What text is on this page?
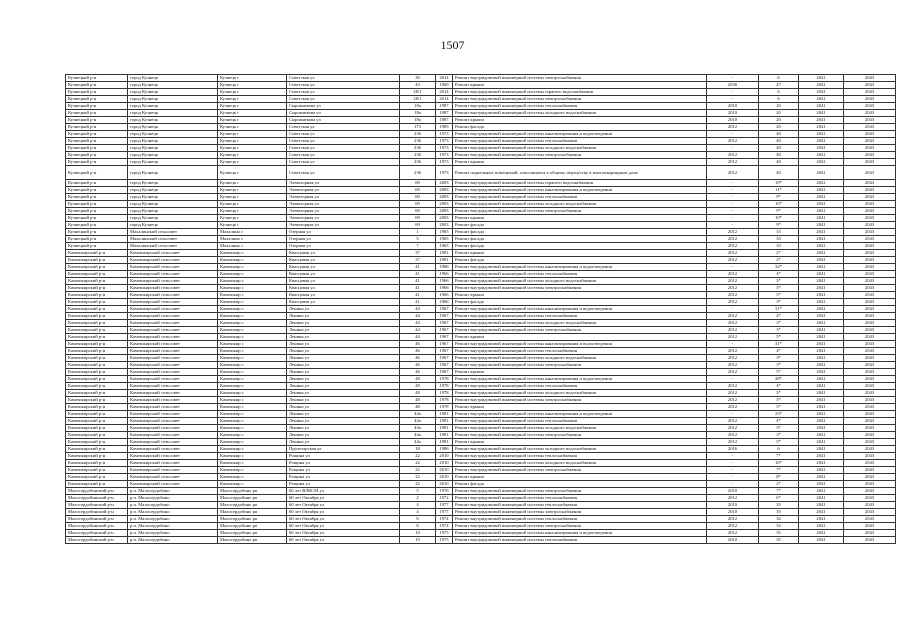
1507
Кузнецкий р-н	город Кузнецк	Кузнецк г	Советская ул	30	2014	Ремонт внутридомовой инженерной системы электроснабжения	-	6	2041	2043
Кузнецкий р-н	город Кузнецк	Кузнецк г	Советская ул	43	1969	Ремонт крыши	2030	47	2041	2043
Кузнецкий р-н	город Кузнецк	Кузнецк г	Советская ул	28/1	2014	Ремонт внутридомовой инженерной системы горячего водоснабжения	-	6	2041	2043
Кузнецкий р-н	город Кузнецк	Кузнецк г	Советская ул	28/1	2014	Ремонт внутридомовой инженерной системы электроснабжения	-	6	2041	2043
Кузнецкий р-н	город Кузнецк	Кузнецк г	Сыромяткова ул	18а	1987	Ремонт внутридомовой инженерной системы теплоснабжения	2010	20	2041	2043
Кузнецкий р-н	город Кузнецк	Кузнецк г	Сыромяткова ул	18а	1987	Ремонт внутридомовой инженерной системы холодного водоснабжения	2010	20	2041	2043
Кузнецкий р-н	город Кузнецк	Кузнецк г	Сыромяткова ул	18а	1987	Ремонт крыши	2010	20	2041	2043
Кузнецкий р-н	город Кузнецк	Кузнецк г	Советская ул	173	1985	Ремонт фасада	2012	20	2041	2043
Кузнецкий р-н	город Кузнецк	Кузнецк г	Советская ул	236	1973	Ремонт внутридомовой инженерной системы канализирования и водоотведения	-	40	2041	2043
Кузнецкий р-н	город Кузнецк	Кузнецк г	Советская ул	236	1973	Ремонт внутридомовой инженерной системы теплоснабжения	2012	40	2041	2043
Кузнецкий р-н	город Кузнецк	Кузнецк г	Советская ул	236	1973	Ремонт внутридомовой инженерной системы холодного водоснабжения	-	40	2041	2043
Кузнецкий р-н	город Кузнецк	Кузнецк г	Советская ул	236	1973	Ремонт внутридомовой инженерной системы электроснабжения	2012	40	2041	2043
Кузнецкий р-н	город Кузнецк	Кузнецк г	Советская ул	236	1973	Ремонт крыши	2012	40	2041	2043
Кузнецкий р-н	город Кузнецк	Кузнецк г	Советская ул	236	1973	Ремонт подвальных помещений, относящихся к общему имуществу в многоквартирном доме	2012	40	2041	2043
Кузнецкий р-н	город Кузнецк	Кузнецк г	Элеваторная ул	69	2003	Ремонт внутридомовой инженерной системы горячего водоснабжения	-	10*	2041	2043
Кузнецкий р-н	город Кузнецк	Кузнецк г	Элеваторная ул	69	2003	Ремонт внутридомовой инженерной системы канализирования и водоотведения	-	11*	2041	2043
Кузнецкий р-н	город Кузнецк	Кузнецк г	Элеваторная ул	69	2003	Ремонт внутридомовой инженерной системы теплоснабжения	-	9*	2041	2043
Кузнецкий р-н	город Кузнецк	Кузнецк г	Элеваторная ул	69	2003	Ремонт внутридомовой инженерной системы холодного водоснабжения	-	10*	2041	2043
Кузнецкий р-н	город Кузнецк	Кузнецк г	Элеваторная ул	69	2003	Ремонт внутридомовой инженерной системы электроснабжения	-	9*	2041	2043
Кузнецкий р-н	город Кузнецк	Кузнецк г	Элеваторная ул	69	2003	Ремонт крыши	-	10*	2041	2043
Кузнецкий р-н	город Кузнецк	Кузнецк г	Элеваторная ул	69	2003	Ремонт фасада	-	9*	2041	2043
Кузнецкий р-н	Махалинский сельсовет	Махалино с	Озерная ул	1	1965	Ремонт фасада	2012	33	2041	2043
Кузнецкий р-н	Махалинский сельсовет	Махалино с	Озерная ул	5	1965	Ремонт фасада	2012	33	2041	2043
Кузнецкий р-н	Махалинский сельсовет	Махалино с	Озерная ул	7	1965	Ремонт фасада	2012	33	2041	2043
Камешкирский р-н	Камешкирский сельсовет	Камешкир с	Квасцовая ул	37	1981	Ремонт крыши	2012	2*	2041	2043
Камешкирский р-н	Камешкирский сельсовет	Камешкир с	Квасцовая ул	37	1981	Ремонт фасада	2012	2*	2041	2043
Камешкирский р-н	Камешкирский сельсовет	Камешкир с	Квасцовая ул	41	1966	Ремонт внутридомовой инженерной системы канализирования и водоотведения	-	32*	2041	2043
Камешкирский р-н	Камешкирский сельсовет	Камешкир с	Квасцовая ул	41	1966	Ремонт внутридомовой инженерной системы теплоснабжения	2012	4*	2041	2043
Камешкирский р-н	Камешкирский сельсовет	Камешкир с	Квасцовая ул	41	1966	Ремонт внутридомовой инженерной системы холодного водоснабжения	2012	3*	2041	2043
Камешкирский р-н	Камешкирский сельсовет	Камешкир с	Квасцовая ул	41	1966	Ремонт внутридомовой инженерной системы электроснабжения	2012	3*	2041	2043
Камешкирский р-н	Камешкирский сельсовет	Камешкир с	Квасцовая ул	41	1966	Ремонт крыши	2012	5*	2041	2043
Камешкирский р-н	Камешкирский сельсовет	Камешкир с	Квасцовая ул	41	1966	Ремонт фасада	2012	3*	2041	2043
Камешкирский р-н	Камешкирский сельсовет	Камешкир с	Ленина ул	44	1967	Ремонт внутридомовой инженерной системы канализирования и водоотведения	-	31*	2041	2043
Камешкирский р-н	Камешкирский сельсовет	Камешкир с	Ленина ул	44	1967	Ремонт внутридомовой инженерной системы теплоснабжения	2012	4*	2041	2043
Камешкирский р-н	Камешкирский сельсовет	Камешкир с	Ленина ул	44	1967	Ремонт внутридомовой инженерной системы холодного водоснабжения	2012	3*	2041	2043
Камешкирский р-н	Камешкирский сельсовет	Камешкир с	Ленина ул	44	1967	Ремонт внутридомовой инженерной системы электроснабжения	2012	3*	2041	2043
Камешкирский р-н	Камешкирский сельсовет	Камешкир с	Ленина ул	44	1967	Ремонт крыши	2012	5*	2041	2043
Камешкирский р-н	Камешкирский сельсовет	Камешкир с	Ленина ул	46	1967	Ремонт внутридомовой инженерной системы канализирования и водоотведения	-	31*	2041	2043
Камешкирский р-н	Камешкирский сельсовет	Камешкир с	Ленина ул	46	1967	Ремонт внутридомовой инженерной системы теплоснабжения	2012	4*	2041	2043
Камешкирский р-н	Камешкирский сельсовет	Камешкир с	Ленина ул	46	1967	Ремонт внутридомовой инженерной системы холодного водоснабжения	2012	3*	2041	2043
Камешкирский р-н	Камешкирский сельсовет	Камешкир с	Ленина ул	46	1967	Ремонт внутридомовой инженерной системы электроснабжения	2012	3*	2041	2043
Камешкирский р-н	Камешкирский сельсовет	Камешкир с	Ленина ул	46	1967	Ремонт крыши	2012	5*	2041	2043
Камешкирский р-н	Камешкирский сельсовет	Камешкир с	Ленина ул	48	1978	Ремонт внутридомовой инженерной системы канализирования и водоотведения	-	28*	2041	2043
Камешкирский р-н	Камешкирский сельсовет	Камешкир с	Ленина ул	48	1978	Ремонт внутридомовой инженерной системы теплоснабжения	2012	4*	2041	2043
Камешкирский р-н	Камешкирский сельсовет	Камешкир с	Ленина ул	48	1978	Ремонт внутридомовой инженерной системы холодного водоснабжения	2012	3*	2041	2043
Камешкирский р-н	Камешкирский сельсовет	Камешкир с	Ленина ул	48	1978	Ремонт внутридомовой инженерной системы электроснабжения	2012	3*	2041	2043
Камешкирский р-н	Камешкирский сельсовет	Камешкир с	Ленина ул	48	1978	Ремонт крыши	2012	5*	2041	2043
Камешкирский р-н	Камешкирский сельсовет	Камешкир с	Ленина ул	44а	1981	Ремонт внутридомовой инженерной системы канализирования и водоотведения	-	23*	2041	2043
Камешкирский р-н	Камешкирский сельсовет	Камешкир с	Ленина ул	44а	1981	Ремонт внутридомовой инженерной системы теплоснабжения	2012	4*	2041	2043
Камешкирский р-н	Камешкирский сельсовет	Камешкир с	Ленина ул	44а	1981	Ремонт внутридомовой инженерной системы холодного водоснабжения	2012	3*	2041	2043
Камешкирский р-н	Камешкирский сельсовет	Камешкир с	Ленина ул	44а	1981	Ремонт внутридомовой инженерной системы электроснабжения	2012	3*	2041	2043
Камешкирский р-н	Камешкирский сельсовет	Камешкир с	Ленина ул	44а	1981	Ремонт крыши	2012	5*	2041	2043
Камешкирский р-н	Камешкирский сельсовет	Камешкир с	Пролетарская ул	18	1986	Ремонт внутридомовой инженерной системы холодного водоснабжения	2016	6	2041	2043
Камешкирский р-н	Камешкирский сельсовет	Камешкир с	Рощина ул	22	2010	Ремонт внутридомовой инженерной системы теплоснабжения	-	7*	2041	2043
Камешкирский р-н	Камешкирский сельсовет	Камешкир с	Рощина ул	22	2010	Ремонт внутридомовой инженерной системы холодного водоснабжения	-	10*	2041	2043
Камешкирский р-н	Камешкирский сельсовет	Камешкир с	Рощина ул	22	2010	Ремонт внутридомовой инженерной системы электроснабжения	-	7*	2041	2043
Камешкирский р-н	Камешкирский сельсовет	Камешкир с	Рощина ул	22	2010	Ремонт крыши	-	8*	2041	2043
Камешкирский р-н	Камешкирский сельсовет	Камешкир с	Рощина ул	22	2010	Ремонт фасада	-	2*	2041	2043
Малосердобинский р-н	р.п. Малосердобино	Малосердобино рп	60 лет ВЛКСМ ул	5	1976	Ремонт внутридомовой инженерной системы электроснабжения	2010	7*	2041	2043
Малосердобинский р-н	р.п. Малосердобино	Малосердобино рп	60 лет Октября ул	2	1972	Ремонт внутридомовой инженерной системы теплоснабжения	2012	6*	2041	2043
Малосердобинский р-н	р.п. Малосердобино	Малосердобино рп	60 лет Октября ул	4	1977	Ремонт внутридомовой инженерной системы теплоснабжения	2010	35	2041	2043
Малосердобинский р-н	р.п. Малосердобино	Малосердобино рп	60 лет Октября ул	4	1977	Ремонт внутридомовой инженерной системы электроснабжения	2010	35	2041	2043
Малосердобинский р-н	р.п. Малосердобино	Малосердобино рп	60 лет Октября ул	8	1974	Ремонт внутридомовой инженерной системы теплоснабжения	2012	32	2041	2043
Малосердобинский р-н	р.п. Малосердобино	Малосердобино рп	60 лет Октября ул	8	1974	Ремонт внутридомовой инженерной системы электроснабжения	2012	32	2041	2043
Малосердобинский р-н	р.п. Малосердобино	Малосердобино рп	60 лет Октября ул	10	1975	Ремонт внутридомовой инженерной системы канализирования и водоотведения	2012	35	2041	2043
Малосердобинский р-н	р.п. Малосердобино	Малосердобино рп	60 лет Октября ул	10	1975	Ремонт внутридомовой инженерной системы теплоснабжения	2010	35	2041	2043
